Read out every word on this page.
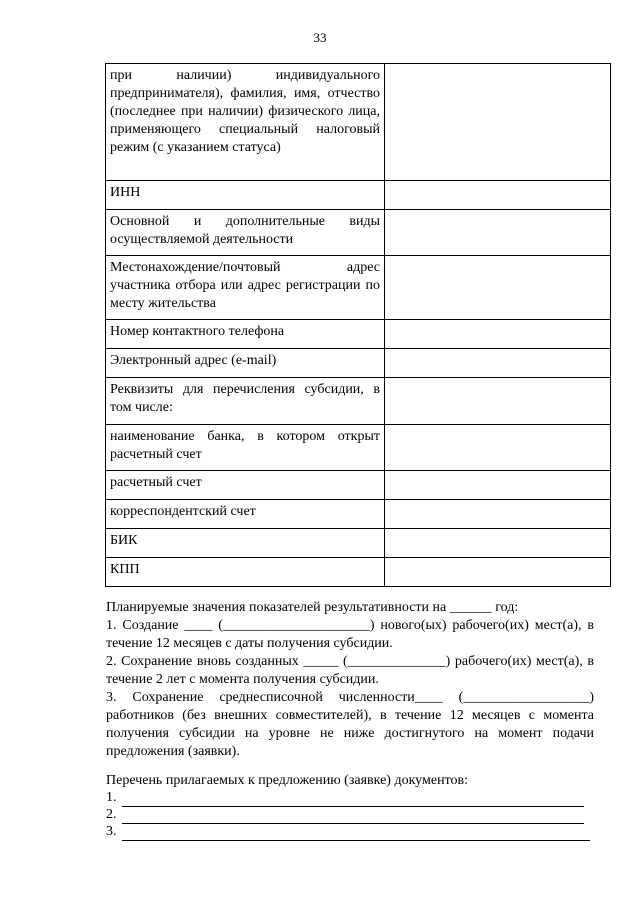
33
при наличии) индивидуального предпринимателя), фамилия, имя, отчество (последнее при наличии) физического лица, применяющего специальный налоговый режим (с указанием статуса)	

ИНН	

Основной и дополнительные виды осуществляемой деятельности	

Местонахождение/почтовый адрес участника отбора или адрес регистрации по месту жительства	

Номер контактного телефона	

Электронный адрес (e-mail)	

Реквизиты для перечисления субсидии, в том числе:	

наименование банка, в котором открыт расчетный счет	

расчетный счет	

корреспондентский счет	

БИК	

КПП	

Планируемые значения показателей результативности на ______ год:

1. Создание ____ (_____________________) нового(ых) рабочего(их) мест(а), в течение 12 месяцев с даты получения субсидии.

2. Сохранение вновь созданных _____ (______________) рабочего(их) мест(а), в течение 2 лет с момента получения субсидии.

3. Сохранение среднесписочной численности____ (__________________) работников (без внешних совместителей), в течение 12 месяцев с момента получения субсидии на уровне не ниже достигнутого на момент подачи предложения (заявки).

Перечень прилагаемых к предложению (заявке) документов:

1.
2.
3.
